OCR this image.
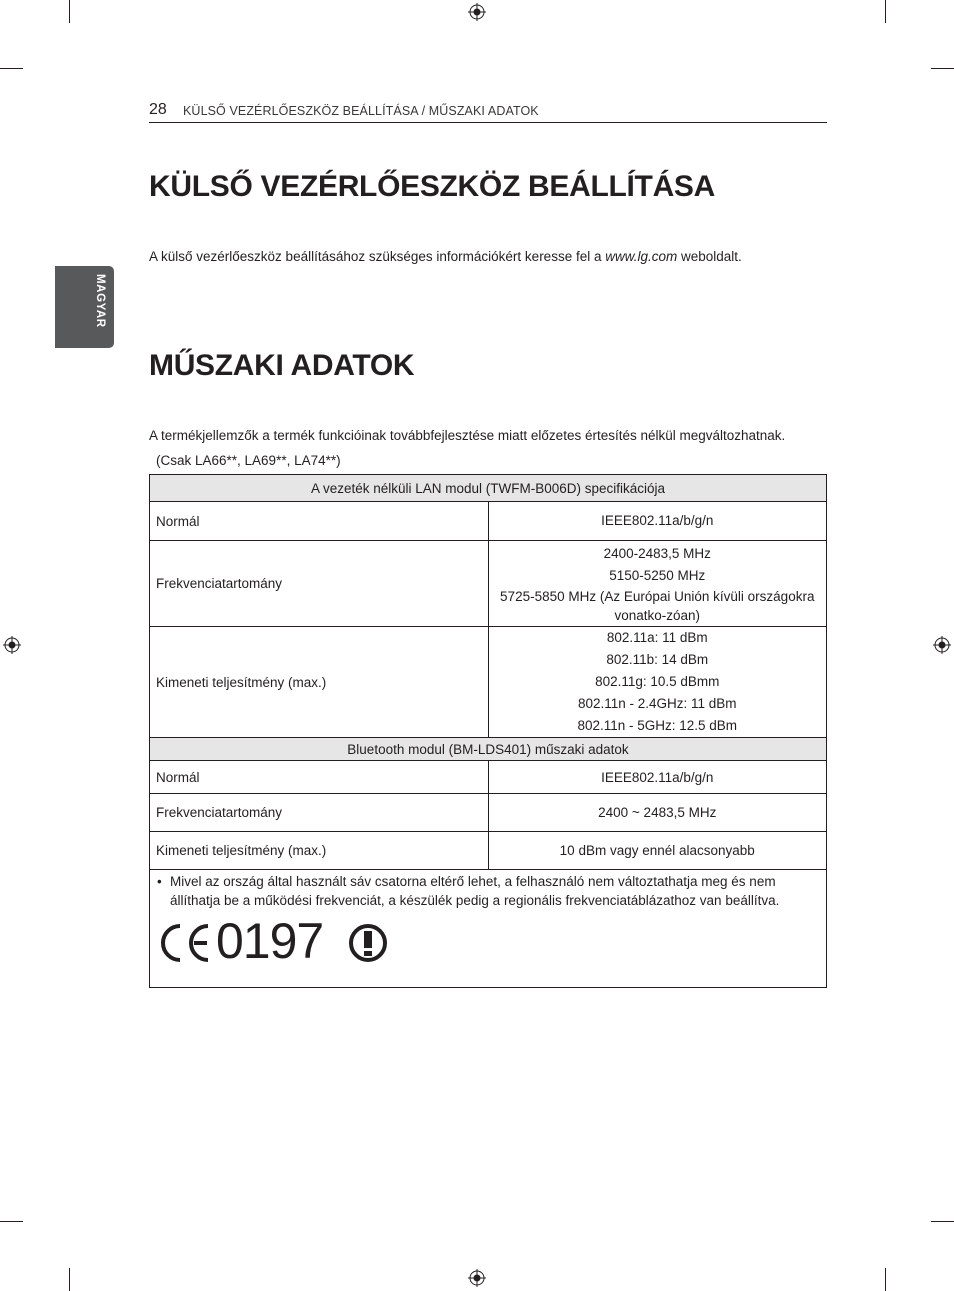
28 KÜLSŐ VEZÉRLŐESZKÖZ BEÁLLÍTÁSA / MŰSZAKI ADATOK
MAGYAR
KÜLSŐ VEZÉRLŐESZKÖZ BEÁLLÍTÁSA

A külső vezérlőeszköz beállításához szükséges információkért keresse fel a www.lg.com weboldalt.

MŰSZAKI ADATOK

A termékjellemzők a termék funkcióinak továbbfejlesztése miatt előzetes értesítés nélkül megváltozhatnak.

(Csak LA66**, LA69**, LA74**)

A vezeték nélküli LAN modul (TWFM-B006D) specifikációja	
Normál	IEEE802.11a/b/g/n

Frekvenciatartomány	2400-2483,5 MHz
5150-5250 MHz
5725-5850 MHz (Az Európai Unión kívüli országokra vonatko-zóan)

Kimeneti teljesítmény (max.)	802.11a: 11 dBm
802.11b: 14 dBm
802.11g: 10.5 dBmm
802.11n - 2.4GHz: 11 dBm
802.11n - 5GHz: 12.5 dBm

Bluetooth modul (BM-LDS401) műszaki adatok	
Normál	IEEE802.11a/b/g/n
Frekvenciatartomány	2400 ~ 2483,5 MHz
Kimeneti teljesítmény (max.)	10 dBm vagy ennél alacsonyabb

• Mivel az ország által használt sáv csatorna eltérő lehet, a felhasználó nem változtathatja meg és nem állíthatja be a működési frekvenciát, a készülék pedig a regionális frekvenciatáblázathoz van beállítva.
0197	
